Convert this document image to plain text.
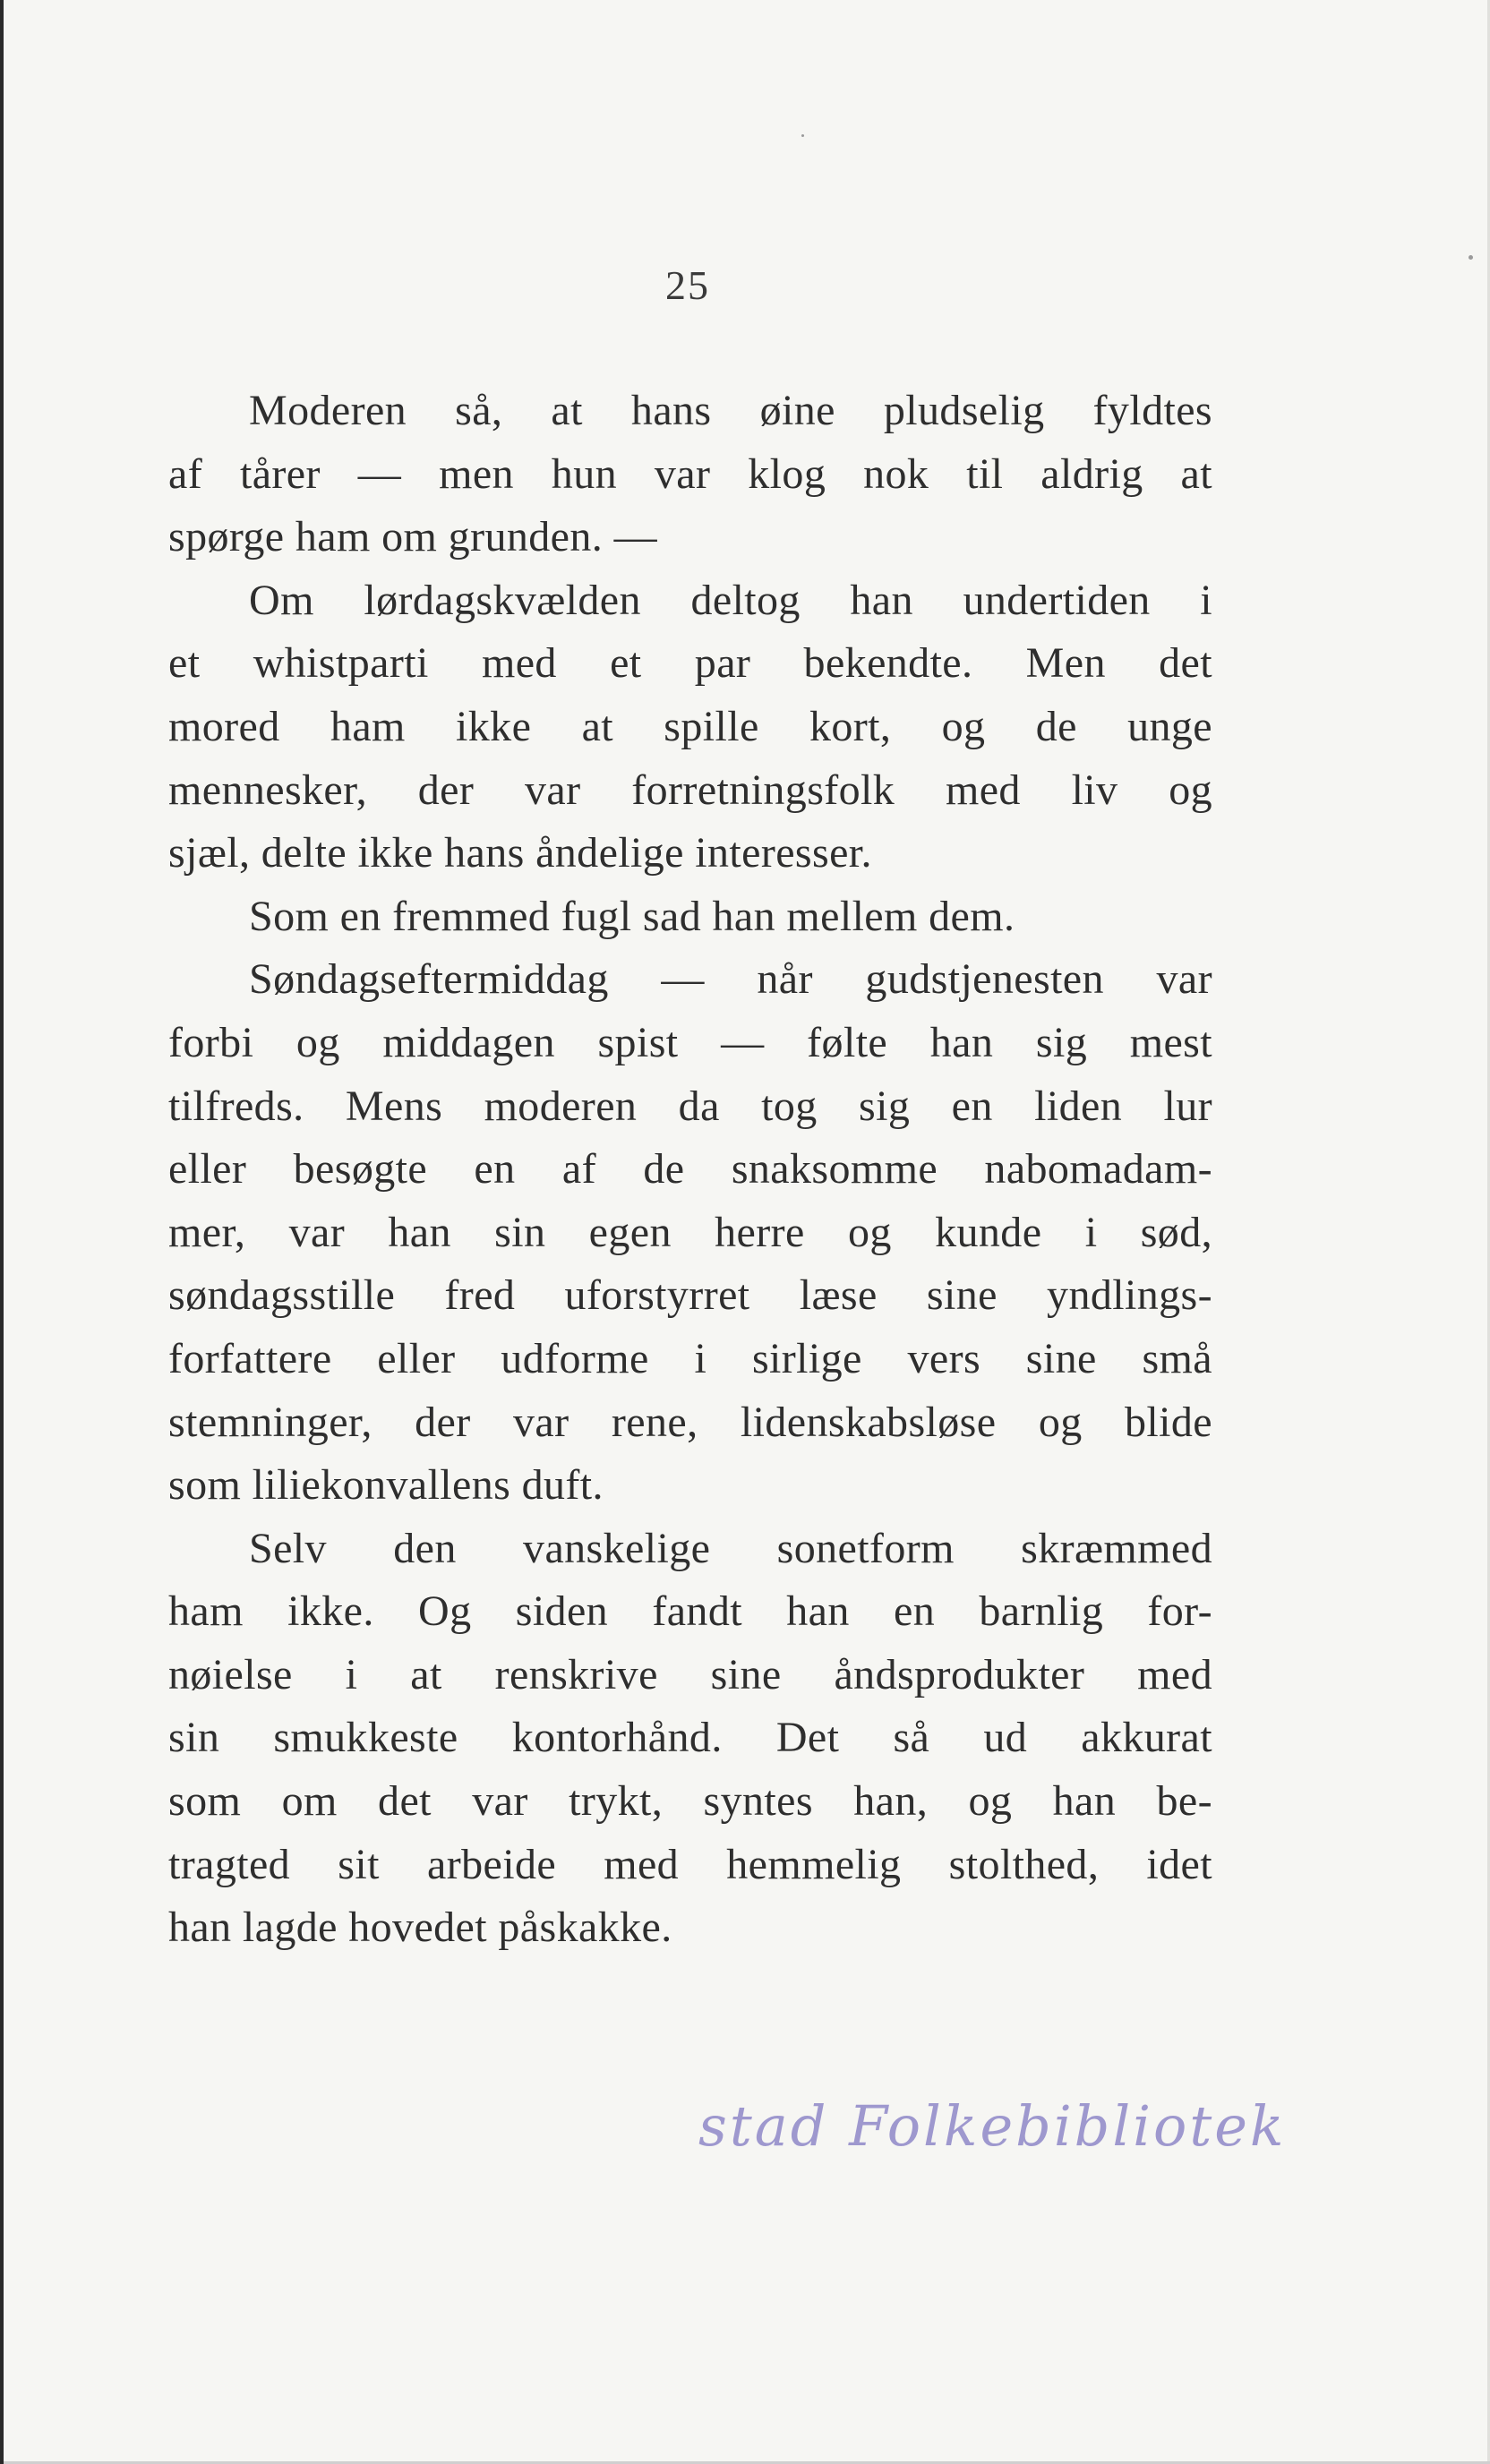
25
Moderen så, at hans øine pludselig fyldtes
af tårer — men hun var klog nok til aldrig at
spørge ham om grunden. —
Om lørdagskvælden deltog han undertiden i
et whistparti med et par bekendte. Men det
mored ham ikke at spille kort, og de unge
mennesker, der var forretningsfolk med liv og
sjæl, delte ikke hans åndelige interesser.
Som en fremmed fugl sad han mellem dem.
Søndagseftermiddag — når gudstjenesten var
forbi og middagen spist — følte han sig mest
tilfreds. Mens moderen da tog sig en liden lur
eller besøgte en af de snaksomme nabomadam-
mer, var han sin egen herre og kunde i sød,
søndagsstille fred uforstyrret læse sine yndlings-
forfattere eller udforme i sirlige vers sine små
stemninger, der var rene, lidenskabsløse og blide
som liliekonvallens duft.
Selv den vanskelige sonetform skræmmed
ham ikke. Og siden fandt han en barnlig for-
nøielse i at renskrive sine åndsprodukter med
sin smukkeste kontorhånd. Det så ud akkurat
som om det var trykt, syntes han, og han be-
tragted sit arbeide med hemmelig stolthed, idet
han lagde hovedet påskakke.
stad Folkebibliotek
